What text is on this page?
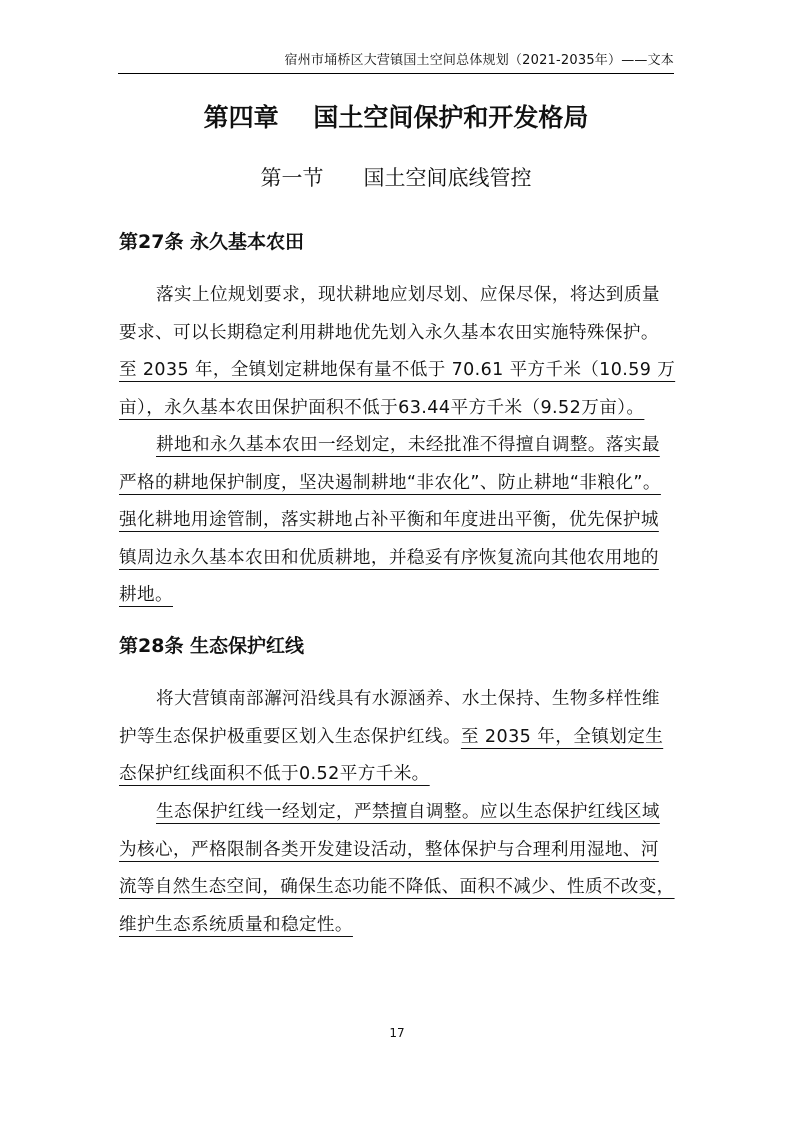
宿州市埇桥区大营镇国土空间总体规划（2021-2035年）——文本
第四章 国土空间保护和开发格局
第一节 国土空间底线管控
第27条 永久基本农田
落实上位规划要求，现状耕地应划尽划、应保尽保，将达到质量
要求、可以长期稳定利用耕地优先划入永久基本农田实施特殊保护。
至 2035 年，全镇划定耕地保有量不低于 70.61 平方千米（10.59 万
亩），永久基本农田保护面积不低于63.44平方千米（9.52万亩）。
耕地和永久基本农田一经划定，未经批准不得擅自调整。落实最
严格的耕地保护制度，坚决遏制耕地“非农化”、防止耕地“非粮化”。
强化耕地用途管制，落实耕地占补平衡和年度进出平衡，优先保护城
镇周边永久基本农田和优质耕地，并稳妥有序恢复流向其他农用地的
耕地。
第28条 生态保护红线
将大营镇南部澥河沿线具有水源涵养、水土保持、生物多样性维
护等生态保护极重要区划入生态保护红线。至 2035 年，全镇划定生
态保护红线面积不低于0.52平方千米。
生态保护红线一经划定，严禁擅自调整。应以生态保护红线区域
为核心，严格限制各类开发建设活动，整体保护与合理利用湿地、河
流等自然生态空间，确保生态功能不降低、面积不减少、性质不改变，
维护生态系统质量和稳定性。
17
